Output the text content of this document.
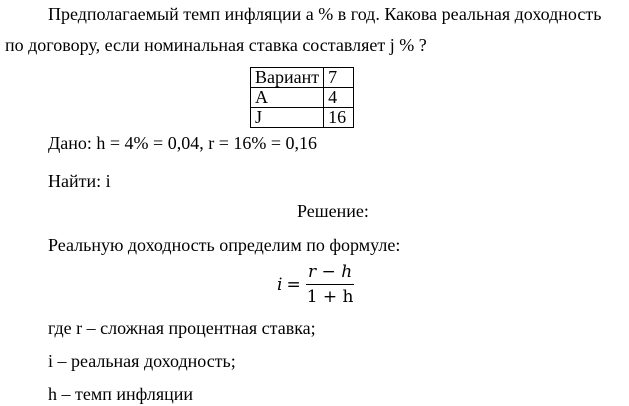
Предполагаемый темп инфляции а % в год. Какова реальная доходность
по договору, если номинальная ставка составляет j % ?
Вариант	7
А	4
J	16
Дано: h = 4% = 0,04, r = 16% = 0,16
Найти: i
Решение:
Реальную доходность определим по формуле:
$i = \frac{r - h}{1 + h}$
где r – сложная процентная ставка;
i – реальная доходность;
h – темп инфляции
